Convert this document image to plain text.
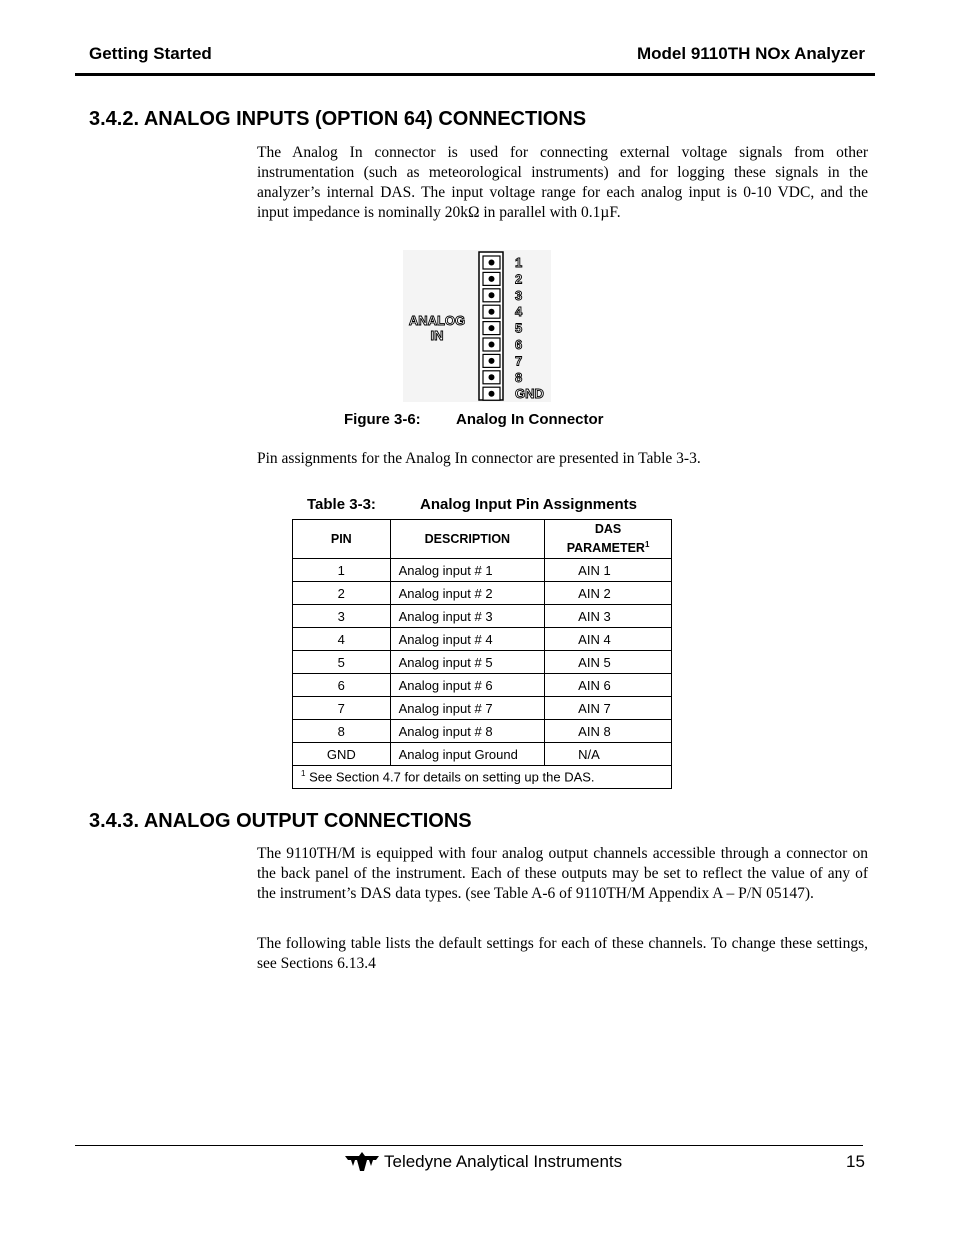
Getting Started	Model 9110TH NOx Analyzer
3.4.2. ANALOG INPUTS (OPTION 64) CONNECTIONS
The Analog In connector is used for connecting external voltage signals from other instrumentation (such as meteorological instruments) and for logging these signals in the analyzer’s internal DAS. The input voltage range for each analog input is 0-10 VDC, and the input impedance is nominally 20kΩ in parallel with 0.1µF.
1
2
3
4
5
6
7
8
GND
ANALOG
IN
Figure 3-6: Analog In Connector
Pin assignments for the Analog In connector are presented in Table 3-3.
Table 3-3:	Analog Input Pin Assignments
PIN	DESCRIPTION	DAS PARAMETER$^1$
1	Analog input # 1	AIN 1
2	Analog input # 2	AIN 2
3	Analog input # 3	AIN 3
4	Analog input # 4	AIN 4
5	Analog input # 5	AIN 5
6	Analog input # 6	AIN 6
7	Analog input # 7	AIN 7
8	Analog input # 8	AIN 8
GND	Analog input Ground	N/A
$^1$ See Section 4.7 for details on setting up the DAS.		
3.4.3. ANALOG OUTPUT CONNECTIONS
The 9110TH/M is equipped with four analog output channels accessible through a connector on the back panel of the instrument. Each of these outputs may be set to reflect the value of any of the instrument’s DAS data types. (see Table A-6 of 9110TH/M Appendix A – P/N 05147).
The following table lists the default settings for each of these channels. To change these settings, see Sections 6.13.4
Teledyne Analytical Instruments	15
